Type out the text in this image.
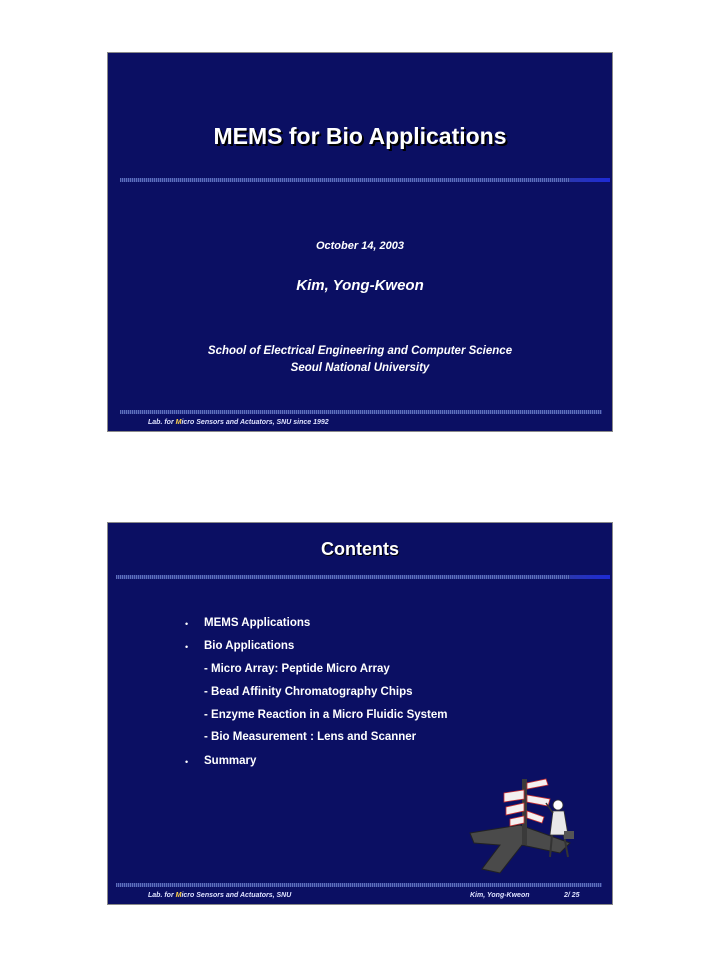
MEMS for Bio Applications
October 14, 2003
Kim, Yong-Kweon
School of Electrical Engineering and Computer Science
Seoul National University
Lab. for Micro Sensors and Actuators, SNU since 1992
Contents
• MEMS Applications
• Bio Applications
- Micro Array: Peptide Micro Array
- Bead Affinity Chromatography Chips
- Enzyme Reaction in a Micro Fluidic System
- Bio Measurement : Lens and Scanner
• Summary
Lab. for Micro Sensors and Actuators, SNU	Kim, Yong-Kweon	2/ 25
